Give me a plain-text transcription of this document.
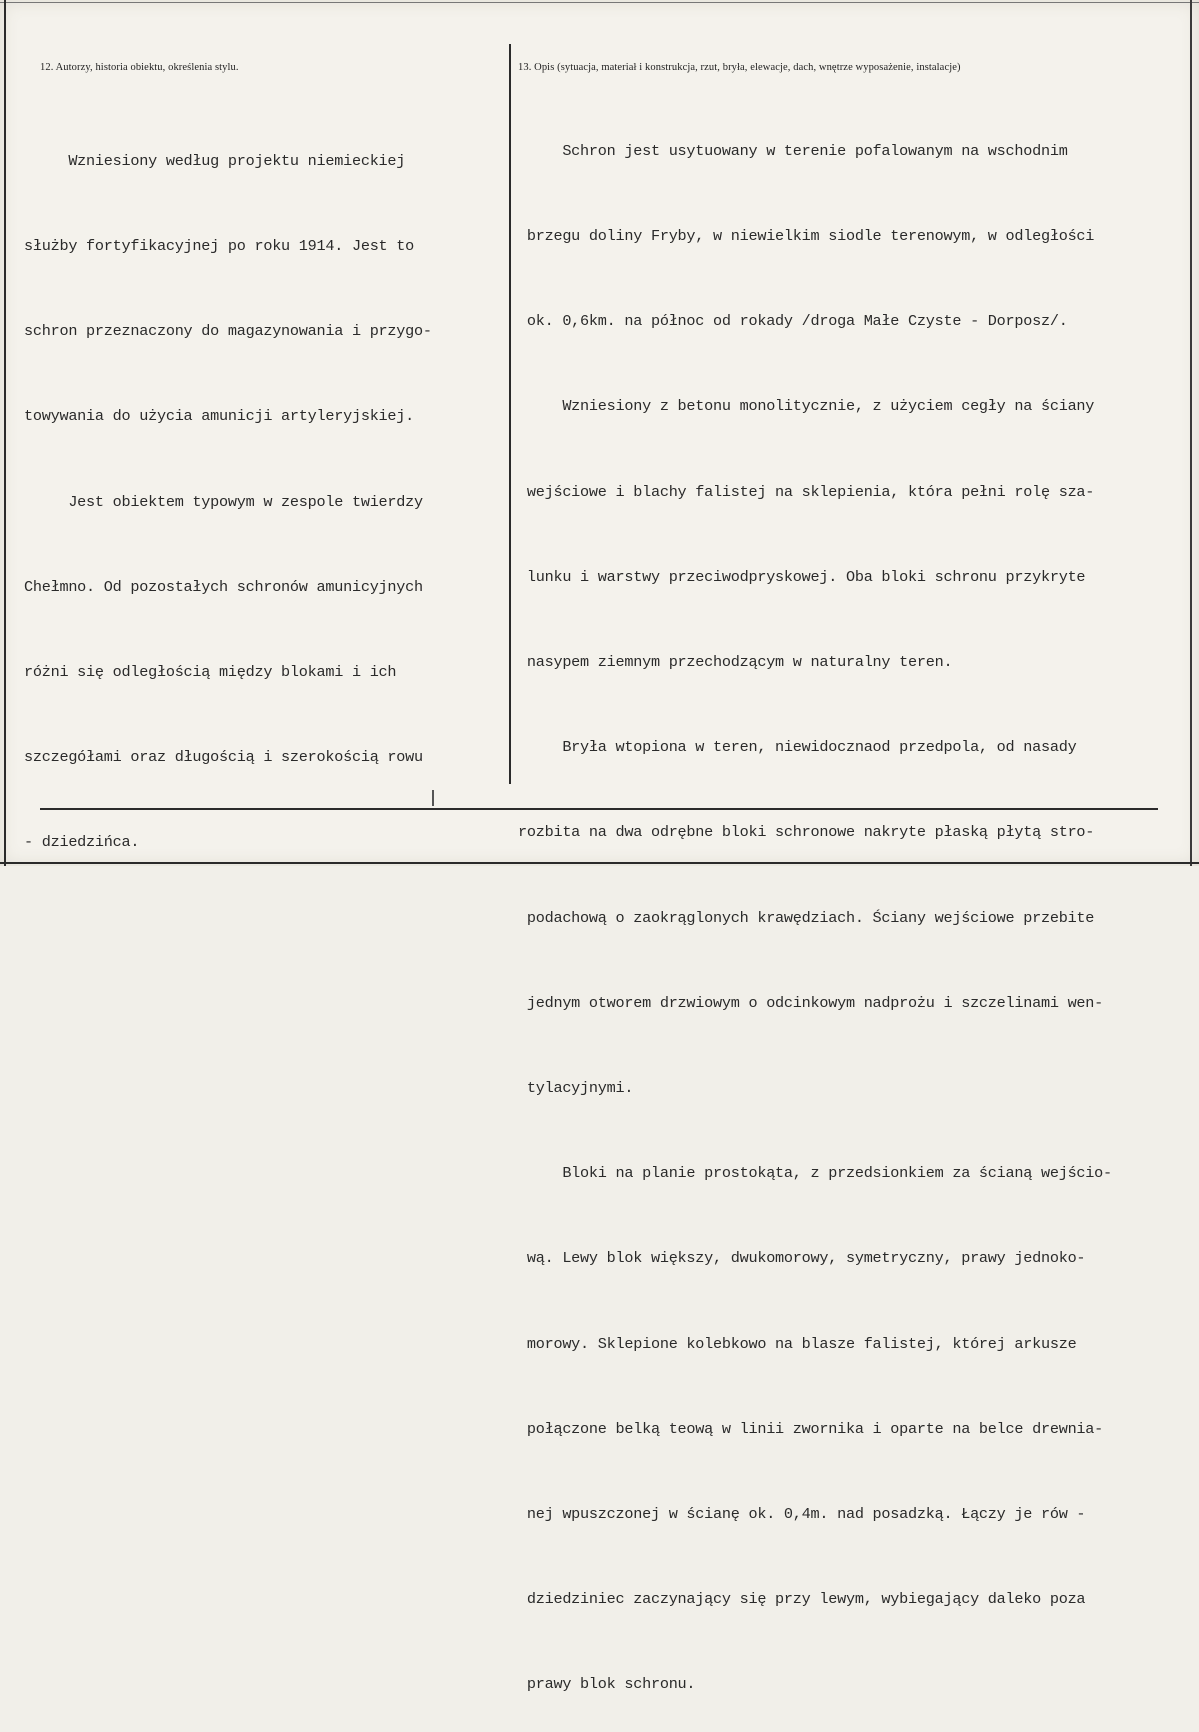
12. Autorzy, historia obiektu, określenia stylu.	13. Opis (sytuacja, materiał i konstrukcja, rzut, bryła, elewacje, dach, wnętrze wyposażenie, instalacje)

Wzniesiony według projektu niemieckiej

służby fortyfikacyjnej po roku 1914. Jest to

schron przeznaczony do magazynowania i przygo-

towywania do użycia amunicji artyleryjskiej.

Jest obiektem typowym w zespole twierdzy

Chełmno. Od pozostałych schronów amunicyjnych

różni się odległością między blokami i ich

szczegółami oraz długością i szerokością rowu

- dziedzińca.

Schron jest usytuowany w terenie pofalowanym na wschodnim

brzegu doliny Fryby, w niewielkim siodle terenowym, w odległości

ok. 0,6km. na północ od rokady /droga Małe Czyste - Dorposz/.

Wzniesiony z betonu monolitycznie, z użyciem cegły na ściany

wejściowe i blachy falistej na sklepienia, która pełni rolę sza-

lunku i warstwy przeciwodpryskowej. Oba bloki schronu przykryte

nasypem ziemnym przechodzącym w naturalny teren.

Bryła wtopiona w teren, niewidocznaod przedpola, od nasady

rozbita na dwa odrębne bloki schronowe nakryte płaską płytą stro-

podachową o zaokrąglonych krawędziach. Ściany wejściowe przebite

jednym otworem drzwiowym o odcinkowym nadprożu i szczelinami wen-

tylacyjnymi.

Bloki na planie prostokąta, z przedsionkiem za ścianą wejścio-

wą. Lewy blok większy, dwukomorowy, symetryczny, prawy jednoko-

morowy. Sklepione kolebkowo na blasze falistej, której arkusze

połączone belką teową w linii zwornika i oparte na belce drewnia-

nej wpuszczonej w ścianę ok. 0,4m. nad posadzką. Łączy je rów -

dziedziniec zaczynający się przy lewym, wybiegający daleko poza

prawy blok schronu.
